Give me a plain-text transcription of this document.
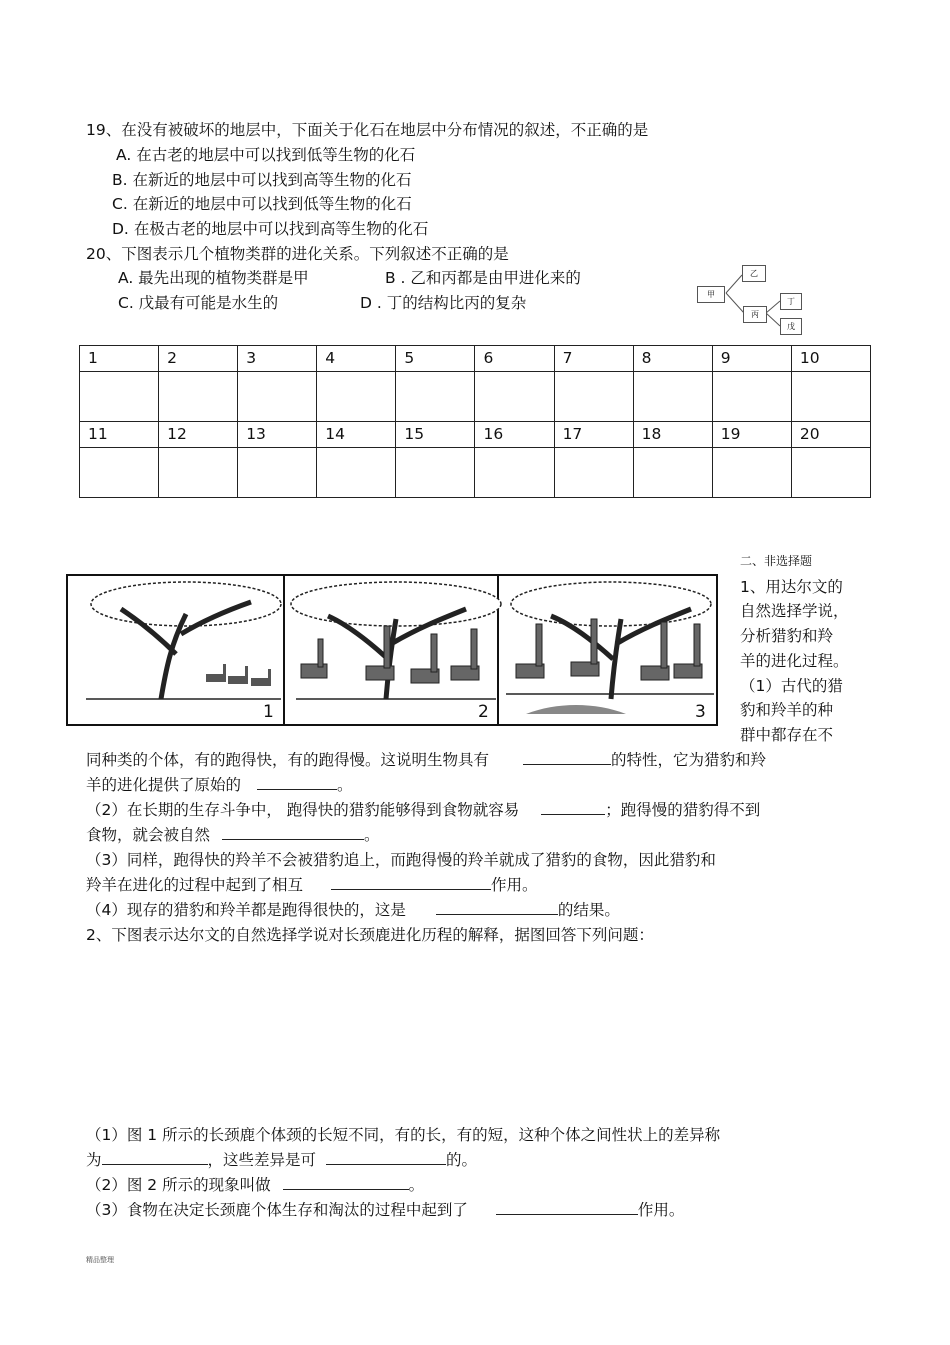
19、在没有被破坏的地层中，下面关于化石在地层中分布情况的叙述，不正确的是
A. 在古老的地层中可以找到低等生物的化石
B. 在新近的地层中可以找到高等生物的化石
C. 在新近的地层中可以找到低等生物的化石
D. 在极古老的地层中可以找到高等生物的化石
20、下图表示几个植物类群的进化关系。下列叙述不正确的是
A. 最先出现的植物类群是甲	B . 乙和丙都是由甲进化来的
C. 戊最有可能是水生的	D . 丁的结构比丙的复杂	甲
乙
丙
丁
戊
1	2	3	4	5	6	7	8	9	10

11	12	13	14	15	16	17	18	19	20

二、非选择题
1	2	3
1、用达尔文的
自然选择学说，
分析猎豹和羚
羊的进化过程。
（1）古代的猎
豹和羚羊的种
群中都存在不
同种类的个体，有的跑得快，有的跑得慢。这说明生物具有	的特性，它为猎豹和羚
羊的进化提供了原始的	。
（2）在长期的生存斗争中， 跑得快的猎豹能够得到食物就容易	；跑得慢的猎豹得不到
食物，就会被自然	。
（3）同样，跑得快的羚羊不会被猎豹追上，而跑得慢的羚羊就成了猎豹的食物，因此猎豹和
羚羊在进化的过程中起到了相互	作用。
（4）现存的猎豹和羚羊都是跑得很快的，这是	的结果。
2、下图表示达尔文的自然选择学说对长颈鹿进化历程的解释，据图回答下列问题：
（1）图 1 所示的长颈鹿个体颈的长短不同，有的长，有的短，这种个体之间性状上的差异称
为	，这些差异是可	的。
（2）图 2 所示的现象叫做	。
（3）食物在决定长颈鹿个体生存和淘汰的过程中起到了	作用。
精品整理
